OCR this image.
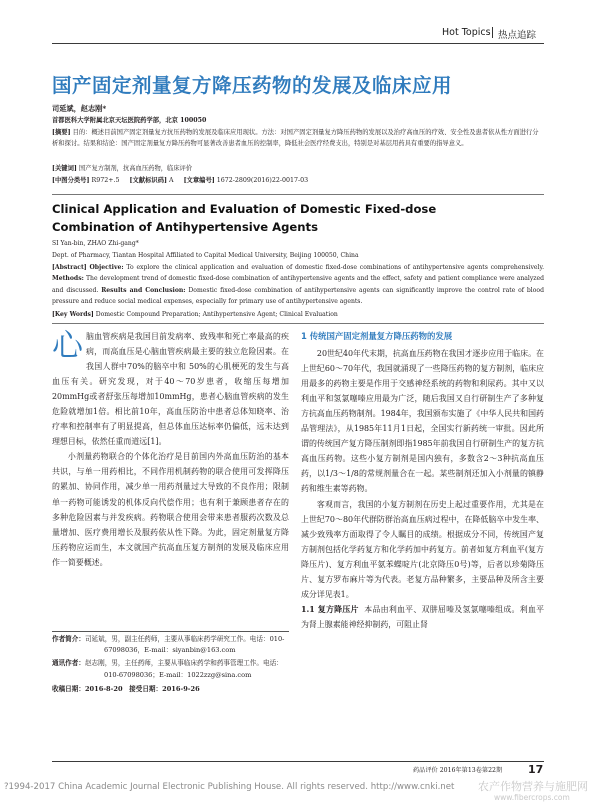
Hot Topics 热点追踪
国产固定剂量复方降压药物的发展及临床应用
司延斌，赵志刚*
首都医科大学附属北京天坛医院药学部，北京 100050
[摘要] 目的：概述目前国产固定剂量复方抗压药物的发展及临床应用现状。方法：对国产固定剂量复方降压药物的发展以及治疗高血压的疗效、安全性及患者依从性方面进行分析和探讨。结果和结论：国产固定剂量复方降压药物可显著改善患者血压的控制率，降低社会医疗经费支出，特别是对基层用药具有重要的指导意义。
[关键词] 国产复方制剂，抗高血压药物，临床评价
[中图分类号] R972+.5 [文献标识码] A [文章编号] 1672-2809(2016)22-0017-03
Clinical Application and Evaluation of Domestic Fixed-dose Combination of Antihypertensive Agents
SI Yan-bin, ZHAO Zhi-gang*
Dept. of Pharmacy, Tiantan Hospital Affiliated to Capital Medical University, Beijing 100050, China
[Abstract] Objective: To explore the clinical application and evaluation of domestic fixed-dose combinations of antihypertensive agents comprehensively. Methods: The development trend of domestic fixed-dose combination of antihypertensive agents and the effect, safety and patient compliance were analyzed and discussed. Results and Conclusion: Domestic fixed-dose combination of antihypertensive agents can significantly improve the control rate of blood pressure and reduce social medical expenses, especially for primary use of antihypertensive agents.
[Key Words] Domestic Compound Preparation; Antihypertensive Agent; Clinical Evaluation

心脑血管疾病是我国目前发病率、致残率和死亡率最高的疾病，而高血压是心脑血管疾病最主要的独立危险因素。在我国人群中70%的脑卒中和 50%的心肌梗死的发生与高血压有关。研究发现，对于40～70岁患者，收缩压每增加20mmHg或者舒张压每增加10mmHg，患者心脑血管疾病的发生危险就增加1倍。相比前10年，高血压防治中患者总体知晓率、治疗率和控制率有了明显提高，但总体血压达标率仍偏低，远未达到理想目标，依然任重而道远[1]。

小剂量药物联合的个体化治疗是目前国内外高血压防治的基本共识，与单一用药相比，不同作用机制药物的联合使用可发挥降压的累加、协同作用，减少单一用药剂量过大导致的不良作用；限制单一药物可能诱发的机体反向代偿作用；也有利于兼顾患者存在的多种危险因素与并发疾病。药物联合使用会带来患者服药次数及总量增加、医疗费用增长及服药依从性下降。为此，固定剂量复方降压药物应运而生，本文就国产抗高血压复方制剂的发展及临床应用作一简要概述。

作者简介：司延斌，男，副主任药师，主要从事临床药学研究工作。电话：010-67098036，E-mail：siyanbin@163.com
通讯作者：赵志刚，男，主任药师，主要从事临床药学和药事管理工作。电话：010-67098036；E-mail：1022zzg@sina.com
收稿日期：2016-8-20　接受日期：2016-9-26
1 传统国产固定剂量复方降压药物的发展

20世纪40年代末期，抗高血压药物在我国才逐步应用于临床。在上世纪60～70年代，我国就涌现了一些降压药物的复方制剂，临床应用最多的药物主要是作用于交感神经系统的药物和利尿药。其中又以利血平和氢氯噻嗪应用最为广泛，随后我国又自行研制生产了多种复方抗高血压药物制剂。1984年，我国颁布实施了《中华人民共和国药品管理法》，从1985年11月1日起，全国实行新药统一审批。因此所谓的传统国产复方降压制剂即指1985年前我国自行研制生产的复方抗高血压药物。这些小复方制剂是国内独有，多数含2～3种抗高血压药，以1/3～1/8的常规剂量合在一起。某些制剂还加入小剂量的镇静药和维生素等药物。

客观而言，我国的小复方制剂在历史上起过重要作用，尤其是在上世纪70～80年代群防群治高血压病过程中，在降低脑卒中发生率、减少致残率方面取得了令人瞩目的成绩。根据成分不同，传统国产复方制剂包括化学药复方和化学药加中药复方。前者如复方利血平(复方降压片)、复方利血平氨苯蝶啶片(北京降压0号)等，后者以珍菊降压片、复方罗布麻片等为代表。老复方品种繁多，主要品种及所含主要成分详见表1。

1.1 复方降压片 本品由利血平、双肼屈嗪及氢氯噻嗪组成。利血平为肾上腺素能神经抑制药，可阻止肾

药品评价 2016年第13卷第22期 17
?1994-2017 China Academic Journal Electronic Publishing House. All rights reserved. http://www.cnki.net 农产作物营养与施肥网
www.fibercrops.com
